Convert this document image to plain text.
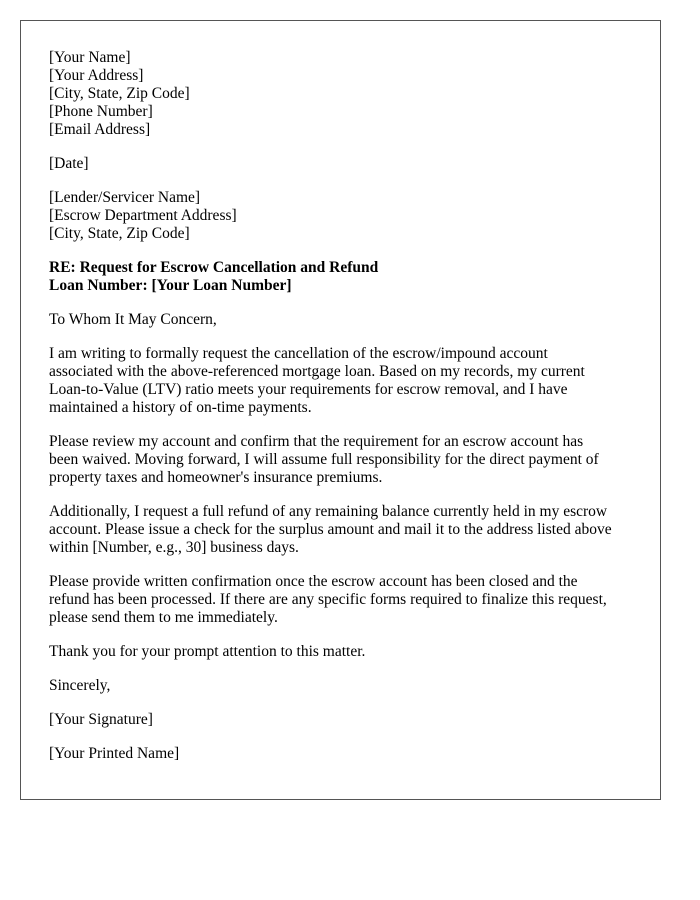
[Your Name]
[Your Address]
[City, State, Zip Code]
[Phone Number]
[Email Address]
[Date]
[Lender/Servicer Name]
[Escrow Department Address]
[City, State, Zip Code]
RE: Request for Escrow Cancellation and Refund
Loan Number: [Your Loan Number]
To Whom It May Concern,
I am writing to formally request the cancellation of the escrow/impound account
associated with the above-referenced mortgage loan. Based on my records, my current
Loan-to-Value (LTV) ratio meets your requirements for escrow removal, and I have
maintained a history of on-time payments.
Please review my account and confirm that the requirement for an escrow account has
been waived. Moving forward, I will assume full responsibility for the direct payment of
property taxes and homeowner's insurance premiums.
Additionally, I request a full refund of any remaining balance currently held in my escrow
account. Please issue a check for the surplus amount and mail it to the address listed above
within [Number, e.g., 30] business days.
Please provide written confirmation once the escrow account has been closed and the
refund has been processed. If there are any specific forms required to finalize this request,
please send them to me immediately.
Thank you for your prompt attention to this matter.
Sincerely,
[Your Signature]
[Your Printed Name]
